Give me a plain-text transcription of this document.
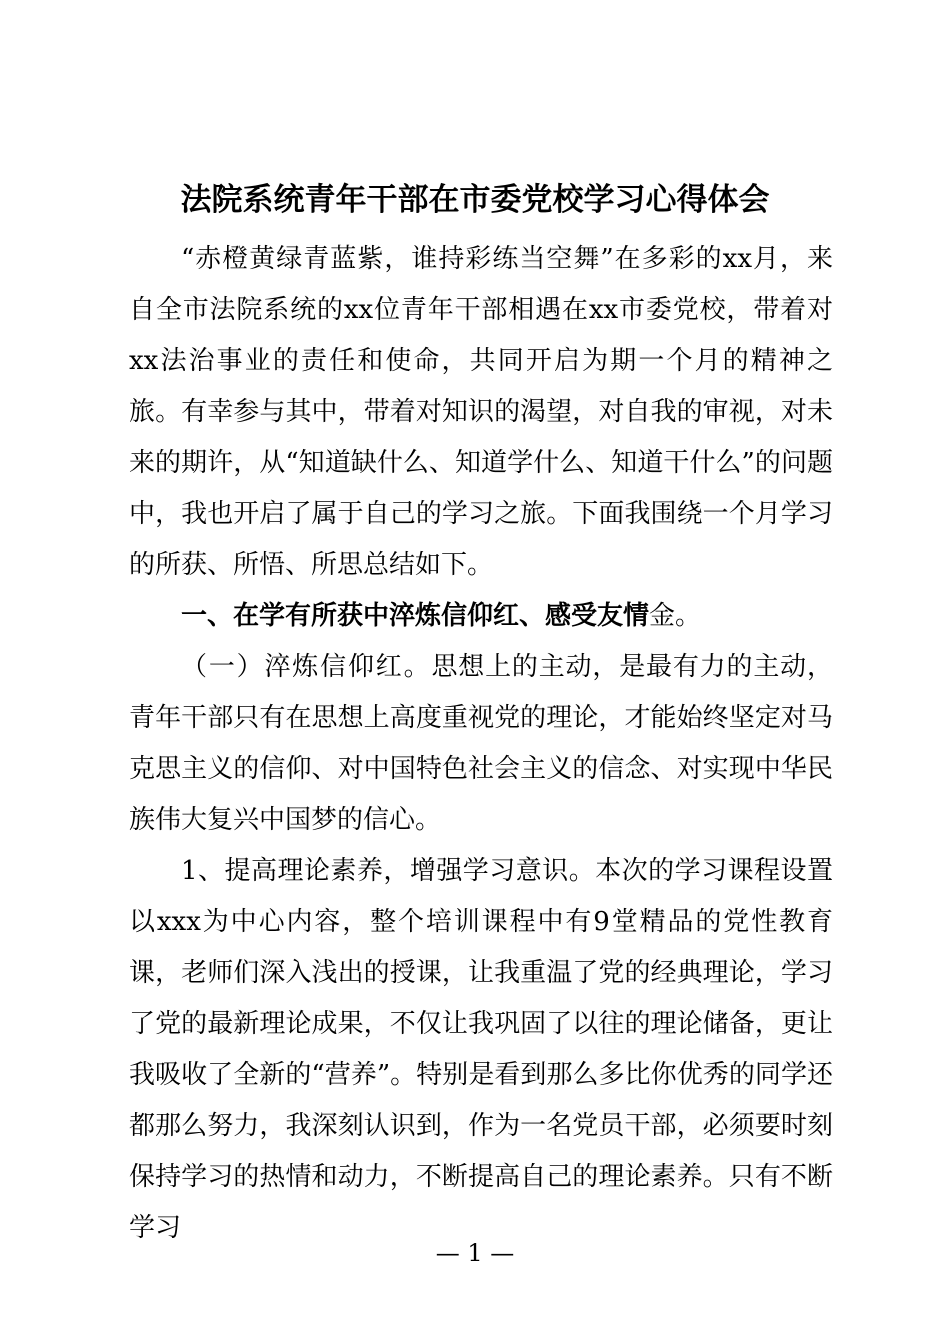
法院系统青年干部在市委党校学习心得体会

“赤橙黄绿青蓝紫，谁持彩练当空舞”在多彩的xx月，来自全市法院系统的xx位青年干部相遇在xx市委党校，带着对xx法治事业的责任和使命，共同开启为期一个月的精神之旅。有幸参与其中，带着对知识的渴望，对自我的审视，对未来的期许，从“知道缺什么、知道学什么、知道干什么”的问题中，我也开启了属于自己的学习之旅。下面我围绕一个月学习的所获、所悟、所思总结如下。

一、在学有所获中淬炼信仰红、感受友情金。

（一）淬炼信仰红。思想上的主动，是最有力的主动，青年干部只有在思想上高度重视党的理论，才能始终坚定对马克思主义的信仰、对中国特色社会主义的信念、对实现中华民族伟大复兴中国梦的信心。

1、提高理论素养，增强学习意识。本次的学习课程设置以xxx为中心内容，整个培训课程中有9堂精品的党性教育课，老师们深入浅出的授课，让我重温了党的经典理论，学习了党的最新理论成果，不仅让我巩固了以往的理论储备，更让我吸收了全新的“营养”。特别是看到那么多比你优秀的同学还都那么努力，我深刻认识到，作为一名党员干部，必须要时刻保持学习的热情和动力，不断提高自己的理论素养。只有不断学习

— 1 —
